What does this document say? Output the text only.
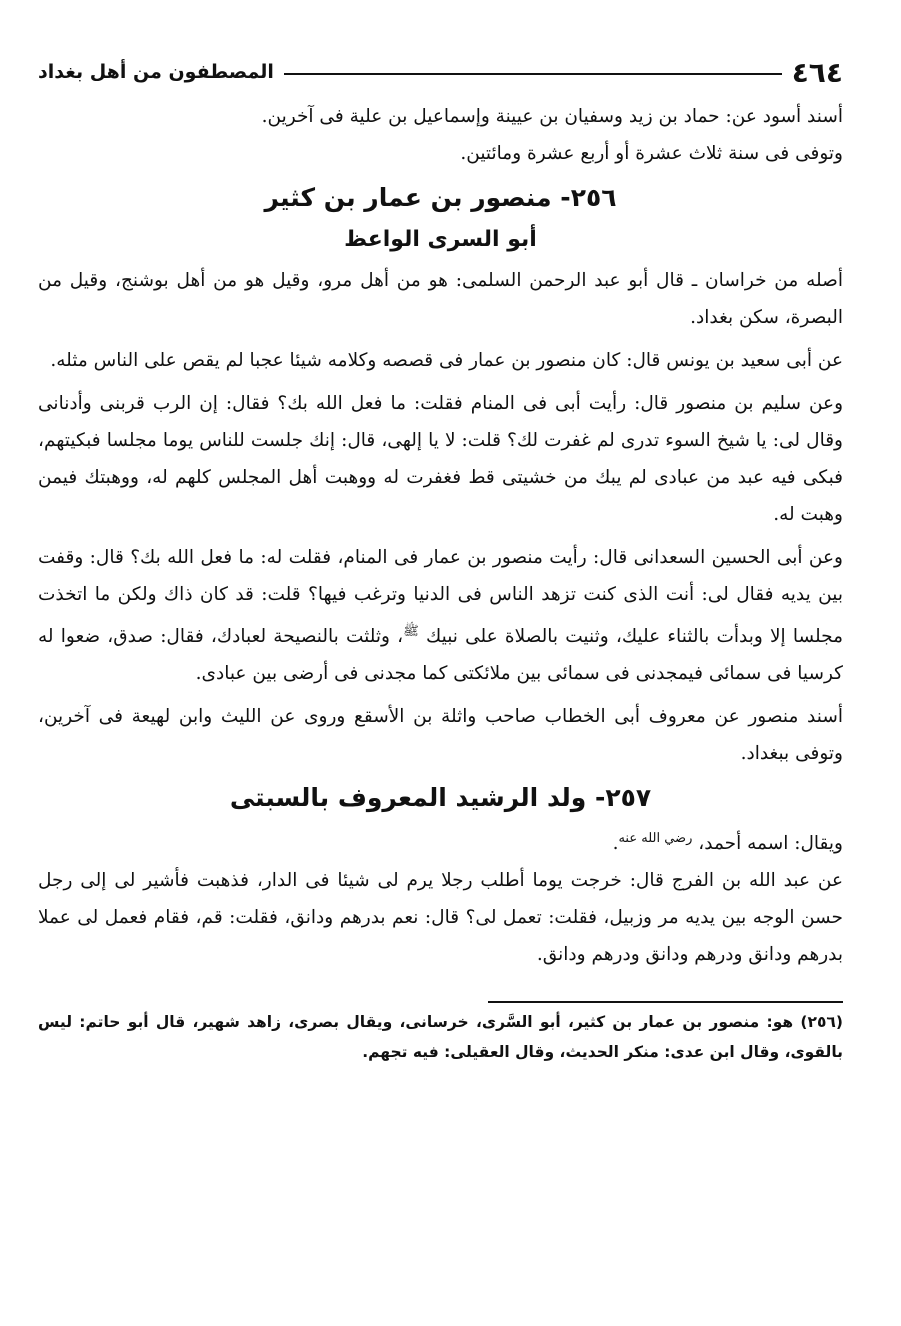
٤٦٤
المصطفون من أهل بغداد

أسند أسود عن: حماد بن زيد وسفيان بن عيينة وإسماعيل بن علية فى آخرين.

وتوفى فى سنة ثلاث عشرة أو أربع عشرة ومائتين.

٢٥٦- منصور بن عمار بن كثير
أبو السرى الواعظ

أصله من خراسان ـ قال أبو عبد الرحمن السلمى: هو من أهل مرو، وقيل هو من أهل بوشنج، وقيل من البصرة، سكن بغداد.

عن أبى سعيد بن يونس قال: كان منصور بن عمار فى قصصه وكلامه شيئا عجبا لم يقص على الناس مثله.

وعن سليم بن منصور قال: رأيت أبى فى المنام فقلت: ما فعل الله بك؟ فقال: إن الرب قربنى وأدنانى وقال لى: يا شيخ السوء تدرى لم غفرت لك؟ قلت: لا يا إلهى، قال: إنك جلست للناس يوما مجلسا فبكيتهم، فبكى فيه عبد من عبادى لم يبك من خشيتى قط فغفرت له ووهبت أهل المجلس كلهم له، ووهبتك فيمن وهبت له.

وعن أبى الحسين السعدانى قال: رأيت منصور بن عمار فى المنام، فقلت له: ما فعل الله بك؟ قال: وقفت بين يديه فقال لى: أنت الذى كنت تزهد الناس فى الدنيا وترغب فيها؟ قلت: قد كان ذاك ولكن ما اتخذت مجلسا إلا وبدأت بالثناء عليك، وثنيت بالصلاة على نبيك $^ﷺ$، وثلثت بالنصيحة لعبادك، فقال: صدق، ضعوا له كرسيا فى سمائى فيمجدنى فى سمائى بين ملائكتى كما مجدنى فى أرضى بين عبادى.

أسند منصور عن معروف أبى الخطاب صاحب واثلة بن الأسقع وروى عن الليث وابن لهيعة فى آخرين، وتوفى ببغداد.

٢٥٧- ولد الرشيد المعروف بالسبتى

ويقال: اسمه أحمد، $^{رضي الله عنه}$.

عن عبد الله بن الفرج قال: خرجت يوما أطلب رجلا يرم لى شيئا فى الدار، فذهبت فأشير لى إلى رجل حسن الوجه بين يديه مر وزبيل، فقلت: تعمل لى؟ قال: نعم بدرهم ودانق، فقلت: قم، فقام فعمل لى عملا بدرهم ودانق ودرهم ودانق ودرهم ودانق.

(٢٥٦) هو: منصور بن عمار بن كثير، أبو السَّرى، خرسانى، ويقال بصرى، زاهد شهير، قال أبو حاتم: ليس بالقوى، وقال ابن عدى: منكر الحديث، وقال العقيلى: فيه تجهم.
